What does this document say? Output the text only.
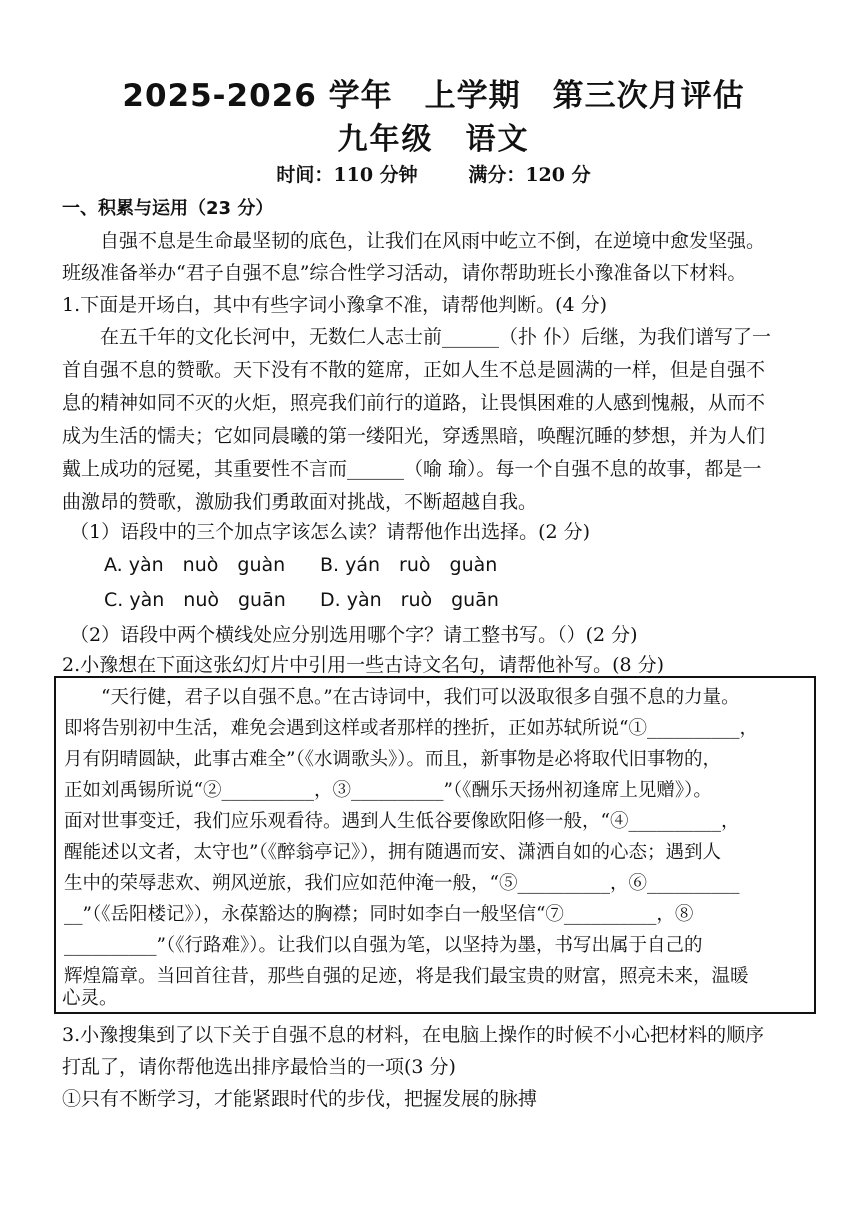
2025-2026 学年　上学期　第三次月评估
九年级　语文
时间：110 分钟	满分：120 分
一、积累与运用（23 分）
自强不息是生命最坚韧的底色，让我们在风雨中屹立不倒，在逆境中愈发坚强。
班级准备举办“君子自强不息”综合性学习活动，请你帮助班长小豫准备以下材料。
1.下面是开场白，其中有些字词小豫拿不准，请帮他判断。(4 分)
在五千年的文化长河中，无数仁人志士前______（扑 仆）后继，为我们谱写了一
首自强不息的赞歌。天下没有不散的筵席，正如人生不总是圆满的一样，但是自强不
息的精神如同不灭的火炬，照亮我们前行的道路，让畏惧困难的人感到愧赧，从而不
成为生活的懦夫；它如同晨曦的第一缕阳光，穿透黑暗，唤醒沉睡的梦想，并为人们
戴上成功的冠冕，其重要性不言而______（喻 瑜）。每一个自强不息的故事，都是一
曲激昂的赞歌，激励我们勇敢面对挑战，不断超越自我。
（1）语段中的三个加点字该怎么读？请帮他作出选择。(2 分)
A. yàn　nuò　guàn B. yán　ruò　guàn
C. yàn　nuò　guān D. yàn　ruò　guān
（2）语段中两个横线处应分别选用哪个字？请工整书写。（）(2 分)
2.小豫想在下面这张幻灯片中引用一些古诗文名句，请帮他补写。(8 分)
　　“天行健，君子以自强不息。”在古诗词中，我们可以汲取很多自强不息的力量。
即将告别初中生活，难免会遇到这样或者那样的挫折，正如苏轼所说“①__________，
月有阴晴圆缺，此事古难全”（《水调歌头》）。而且，新事物是必将取代旧事物的，
正如刘禹锡所说“②__________，③__________”（《酬乐天扬州初逢席上见赠》）。
面对世事变迁，我们应乐观看待。遇到人生低谷要像欧阳修一般，“④__________，
醒能述以文者，太守也”（《醉翁亭记》），拥有随遇而安、潇洒自如的心态；遇到人
生中的荣辱悲欢、朔风逆旅，我们应如范仲淹一般，“⑤__________，⑥__________
__”（《岳阳楼记》），永葆豁达的胸襟；同时如李白一般坚信“⑦__________，⑧
__________”（《行路难》）。让我们以自强为笔，以坚持为墨，书写出属于自己的
辉煌篇章。当回首往昔，那些自强的足迹，将是我们最宝贵的财富，照亮未来，温暖
心灵。
3.小豫搜集到了以下关于自强不息的材料，在电脑上操作的时候不小心把材料的顺序
打乱了，请你帮他选出排序最恰当的一项(3 分)
①只有不断学习，才能紧跟时代的步伐，把握发展的脉搏
